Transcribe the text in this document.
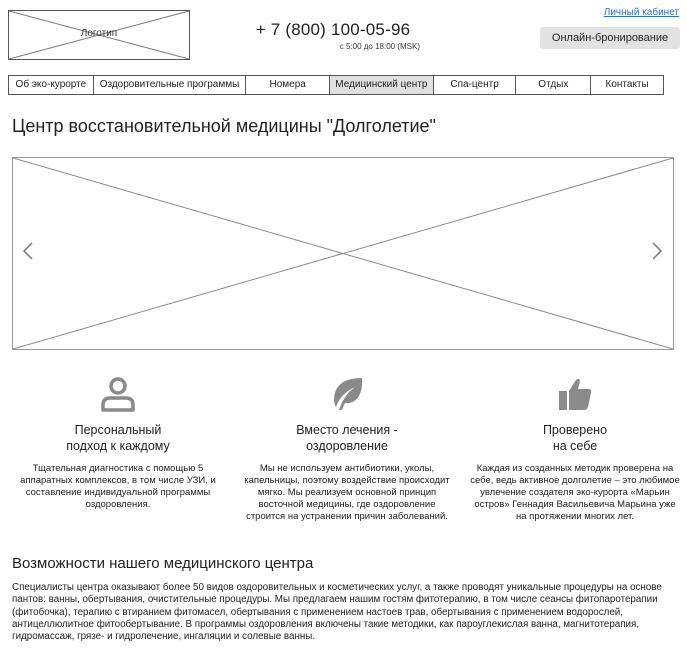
Логотип	+ 7 (800) 100-05-96
с 5:00 до 18:00 (MSK)
Личный кабинет
Онлайн-бронирование
Об эко-курорте	Оздоровительные программы	Номера	Медицинский центр	Спа-центр	Отдых	Контакты
Центр восстановительной медицины "Долголетие"
Персональный
подход к каждому
Тщательная диагностика с помощью 5 аппаратных комплексов, в том числе УЗИ, и составление индивидуальной программы оздоровления.
Вместо лечения -
оздоровление
Мы не используем антибиотики, уколы, капельницы, поэтому воздействие происходит мягко. Мы реализуем основной принцип восточной медицины, где оздоровление строится на устранении причин заболеваний.
Проверено
на себе
Каждая из созданных методик проверена на себе, ведь активное долголетие – это любимое увлечение создателя эко-курорта «Марьин остров» Геннадия Васильевича Марьина уже на протяжении многих лет.
Возможности нашего медицинского центра

Специалисты центра оказывают более 50 видов оздоровительных и косметических услуг, а также проводят уникальные процедуры на основе пантов: ванны, обертывания, очистительные процедуры. Мы предлагаем нашим гостям фитотерапию, в том числе сеансы фитопаротерапии (фитобочка), терапию с втиранием фитомасел, обертывания с применением настоев трав, обертывания с применением водорослей, антицеллюлитное фитообертывание. В программы оздоровления включены такие методики, как пароуглекислая ванна, магнитотерапия, гидромассаж, грязе- и гидролечение, ингаляции и солевые ванны.
